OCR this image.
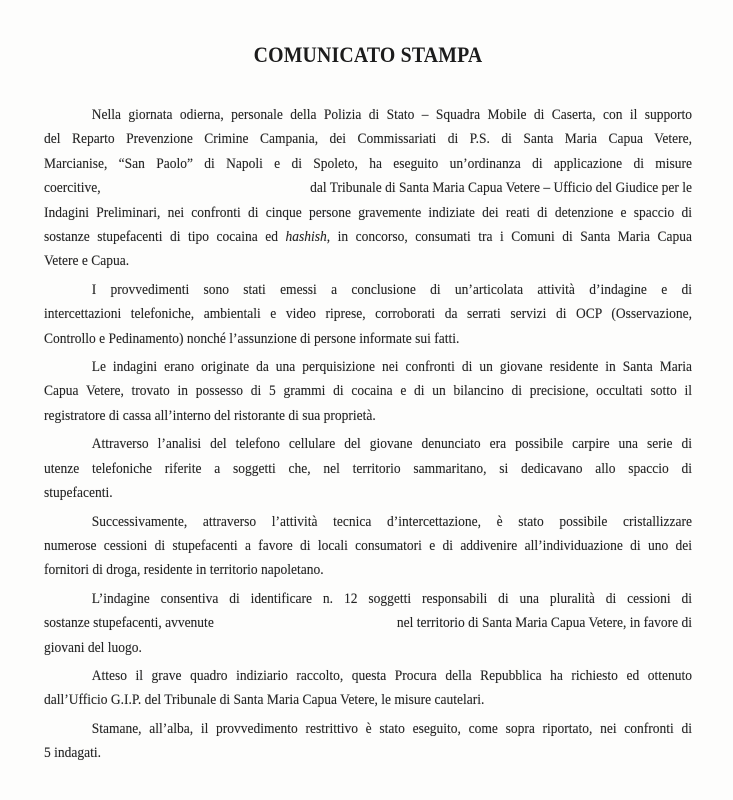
COMUNICATO STAMPA

Nella giornata odierna, personale della Polizia di Stato – Squadra Mobile di Caserta, con il supporto
del Reparto Prevenzione Crimine Campania, dei Commissariati di P.S. di Santa Maria Capua Vetere,
Marcianise, “San Paolo” di Napoli e di Spoleto, ha eseguito un’ordinanza di applicazione di misure
coercitive,	dal Tribunale di Santa Maria Capua Vetere – Ufficio del Giudice per le
Indagini Preliminari, nei confronti di cinque persone gravemente indiziate dei reati di detenzione e spaccio di
sostanze stupefacenti di tipo cocaina ed hashish, in concorso, consumati tra i Comuni di Santa Maria Capua
Vetere e Capua.

I provvedimenti sono stati emessi a conclusione di un’articolata attività d’indagine e di
intercettazioni telefoniche, ambientali e video riprese, corroborati da serrati servizi di OCP (Osservazione,
Controllo e Pedinamento) nonché l’assunzione di persone informate sui fatti.

Le indagini erano originate da una perquisizione nei confronti di un giovane residente in Santa Maria
Capua Vetere, trovato in possesso di 5 grammi di cocaina e di un bilancino di precisione, occultati sotto il
registratore di cassa all’interno del ristorante di sua proprietà.

Attraverso l’analisi del telefono cellulare del giovane denunciato era possibile carpire una serie di
utenze telefoniche riferite a soggetti che, nel territorio sammaritano, si dedicavano allo spaccio di
stupefacenti.

Successivamente, attraverso l’attività tecnica d’intercettazione, è stato possibile cristallizzare
numerose cessioni di stupefacenti a favore di locali consumatori e di addivenire all’individuazione di uno dei
fornitori di droga, residente in territorio napoletano.

L’indagine consentiva di identificare n. 12 soggetti responsabili di una pluralità di cessioni di
sostanze stupefacenti, avvenute	nel territorio di Santa Maria Capua Vetere, in favore di
giovani del luogo.

Atteso il grave quadro indiziario raccolto, questa Procura della Repubblica ha richiesto ed ottenuto
dall’Ufficio G.I.P. del Tribunale di Santa Maria Capua Vetere, le misure cautelari.

Stamane, all’alba, il provvedimento restrittivo è stato eseguito, come sopra riportato, nei confronti di
5 indagati.
